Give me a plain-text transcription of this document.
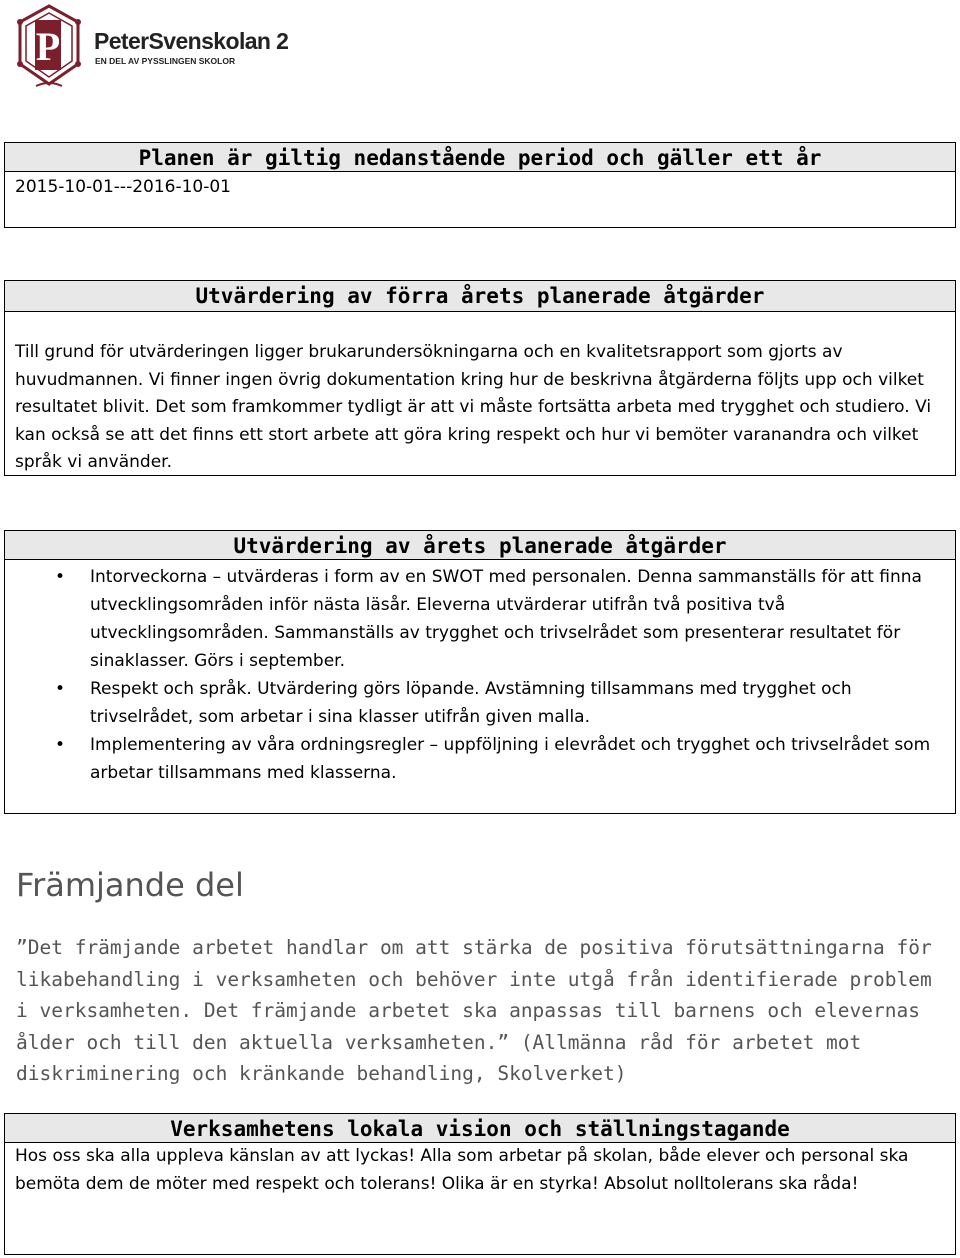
P PeterSvenskolan 2
EN DEL AV PYSSLINGEN SKOLOR
Planen är giltig nedanstående period och gäller ett år
2015-10-01---2016-10-01
Utvärdering av förra årets planerade åtgärder
Till grund för utvärderingen ligger brukarundersökningarna och en kvalitetsrapport som gjorts av huvudmannen. Vi finner ingen övrig dokumentation kring hur de beskrivna åtgärderna följts upp och vilket resultatet blivit. Det som framkommer tydligt är att vi måste fortsätta arbeta med trygghet och studiero. Vi kan också se att det finns ett stort arbete att göra kring respekt och hur vi bemöter varanandra och vilket språk vi använder.
Utvärdering av årets planerade åtgärder
• Intorveckorna – utvärderas i form av en SWOT med personalen. Denna sammanställs för att finna utvecklingsområden inför nästa läsår. Eleverna utvärderar utifrån två positiva två utvecklingsområden. Sammanställs av trygghet och trivselrådet som presenterar resultatet för sinaklasser. Görs i september.
• Respekt och språk. Utvärdering görs löpande. Avstämning tillsammans med trygghet och trivselrådet, som arbetar i sina klasser utifrån given malla.
• Implementering av våra ordningsregler – uppföljning i elevrådet och trygghet och trivselrådet som arbetar tillsammans med klasserna.
Främjande del
”Det främjande arbetet handlar om att stärka de positiva förutsättningarna för likabehandling i verksamheten och behöver inte utgå från identifierade problem i verksamheten. Det främjande arbetet ska anpassas till barnens och elevernas ålder och till den aktuella verksamheten.” (Allmänna råd för arbetet mot diskriminering och kränkande behandling, Skolverket)
Verksamhetens lokala vision och ställningstagande
Hos oss ska alla uppleva känslan av att lyckas! Alla som arbetar på skolan, både elever och personal ska bemöta dem de möter med respekt och tolerans! Olika är en styrka! Absolut nolltolerans ska råda!
